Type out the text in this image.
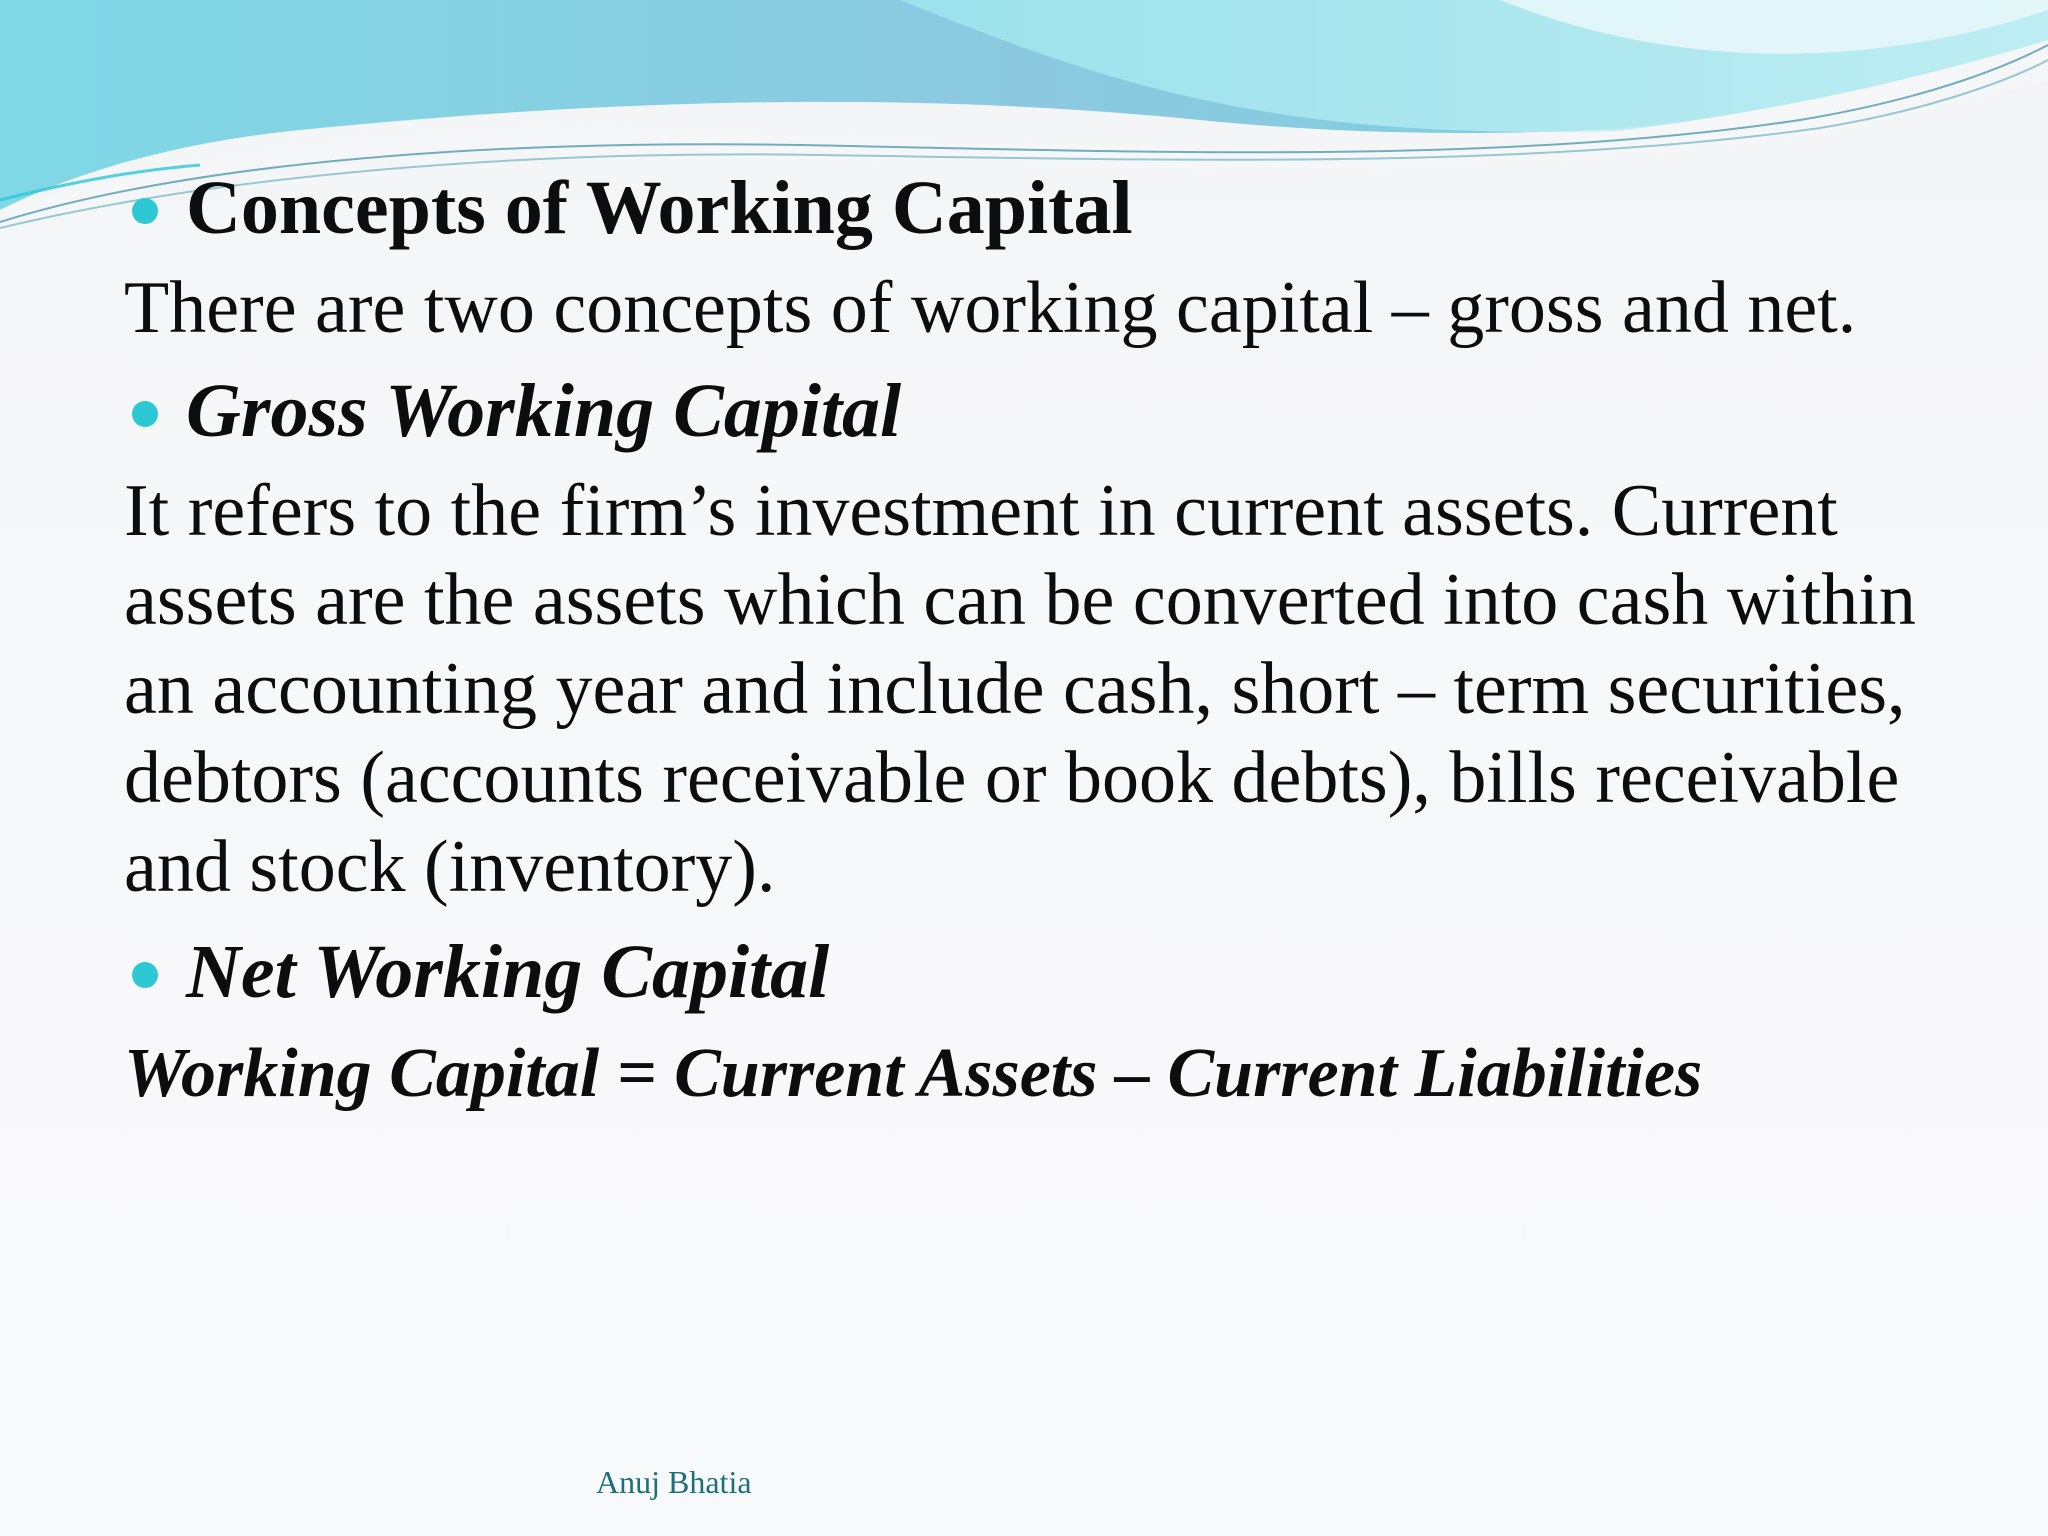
Concepts of Working Capital

There are two concepts of working capital – gross and net.

Gross Working Capital

It refers to the firm’s investment in current assets. Current assets are the assets which can be converted into cash within an accounting year and include cash, short – term securities, debtors (accounts receivable or book debts), bills receivable and stock (inventory).

Net Working Capital
Working Capital = Current Assets – Current Liabilities
Anuj Bhatia
